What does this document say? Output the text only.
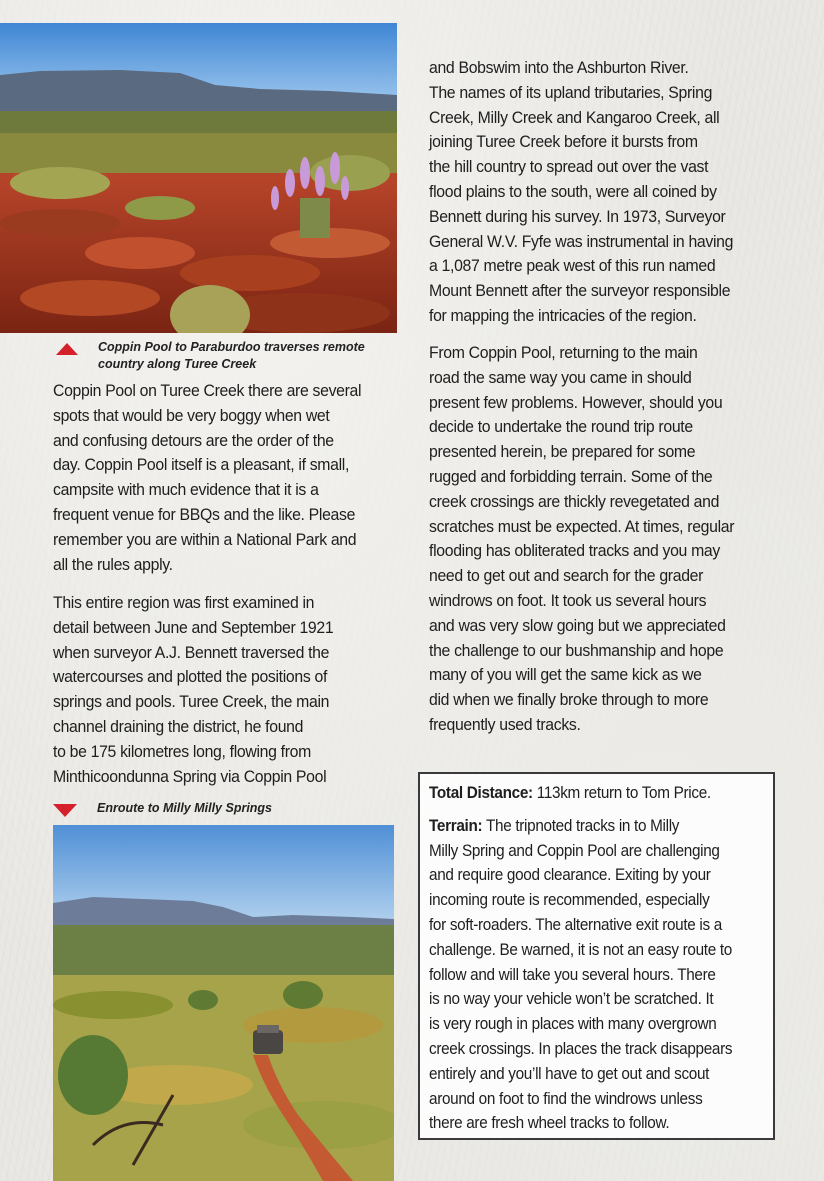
Coppin Pool to Paraburdoo traverses remote
country along Turee Creek

Coppin Pool on Turee Creek there are several

spots that would be very boggy when wet

and confusing detours are the order of the

day. Coppin Pool itself is a pleasant, if small,

campsite with much evidence that it is a

frequent venue for BBQs and the like. Please

remember you are within a National Park and

all the rules apply.

This entire region was first examined in

detail between June and September 1921

when surveyor A.J. Bennett traversed the

watercourses and plotted the positions of

springs and pools. Turee Creek, the main

channel draining the district, he found

to be 175 kilometres long, flowing from

Minthicoondunna Spring via Coppin Pool

Enroute to Milly Milly Springs

and Bobswim into the Ashburton River.

The names of its upland tributaries, Spring

Creek, Milly Creek and Kangaroo Creek, all

joining Turee Creek before it bursts from

the hill country to spread out over the vast

flood plains to the south, were all coined by

Bennett during his survey. In 1973, Surveyor

General W.V. Fyfe was instrumental in having

a 1,087 metre peak west of this run named

Mount Bennett after the surveyor responsible

for mapping the intricacies of the region.

From Coppin Pool, returning to the main

road the same way you came in should

present few problems. However, should you

decide to undertake the round trip route

presented herein, be prepared for some

rugged and forbidding terrain. Some of the

creek crossings are thickly revegetated and

scratches must be expected. At times, regular

flooding has obliterated tracks and you may

need to get out and search for the grader

windrows on foot. It took us several hours

and was very slow going but we appreciated

the challenge to our bushmanship and hope

many of you will get the same kick as we

did when we finally broke through to more

frequently used tracks.

Total Distance: 113km return to Tom Price.

Terrain: The tripnoted tracks in to Milly

Milly Spring and Coppin Pool are challenging

and require good clearance. Exiting by your

incoming route is recommended, especially

for soft-roaders. The alternative exit route is a

challenge. Be warned, it is not an easy route to

follow and will take you several hours. There

is no way your vehicle won’t be scratched. It

is very rough in places with many overgrown

creek crossings. In places the track disappears

entirely and you’ll have to get out and scout

around on foot to find the windrows unless

there are fresh wheel tracks to follow.
